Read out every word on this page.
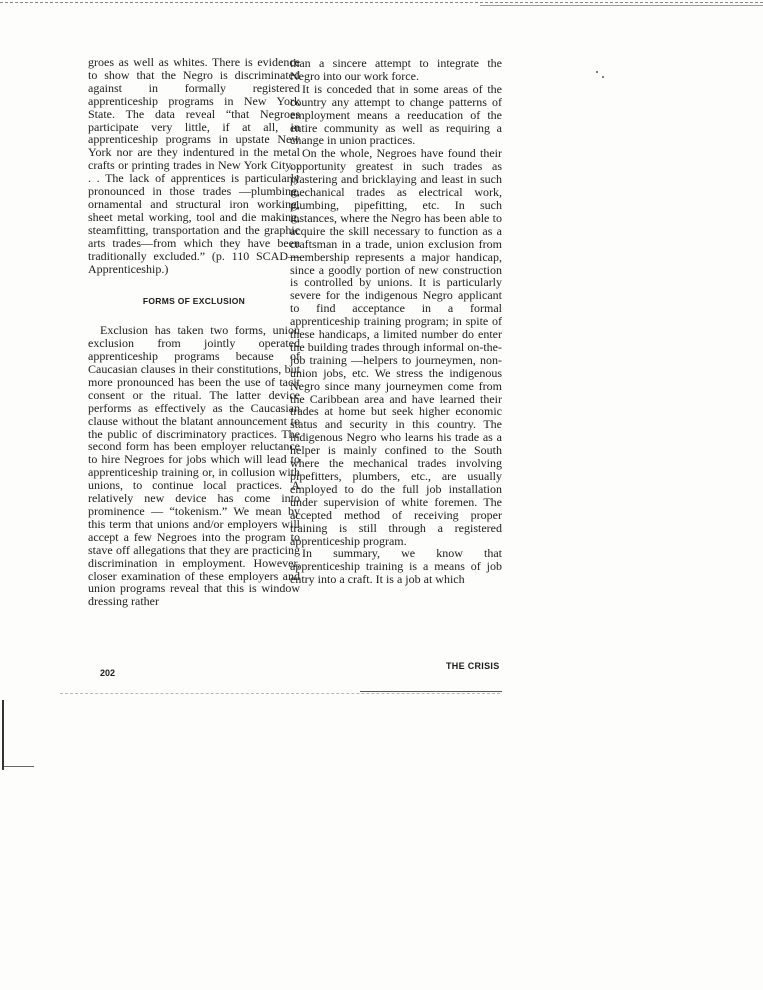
groes as well as whites. There is evidence to show that the Negro is discriminated against in formally registered apprenticeship programs in New York State. The data reveal “that Negroes participate very little, if at all, in apprenticeship programs in upstate New York nor are they indentured in the metal crafts or printing trades in New York City. . . . The lack of apprentices is particularly pronounced in those trades —plumbing, ornamental and structural iron working, sheet metal working, tool and die making, steamfitting, transportation and the graphic arts trades—from which they have been traditionally excluded.” (p. 110 SCAD—Apprenticeship.)

FORMS OF EXCLUSION

Exclusion has taken two forms, union exclusion from jointly operated apprenticeship programs because of Caucasian clauses in their constitutions, but more pronounced has been the use of tacit consent or the ritual. The latter device performs as effectively as the Caucasian clause without the blatant announcement to the public of discriminatory practices. The second form has been employer reluctance to hire Negroes for jobs which will lead to apprenticeship training or, in collusion with unions, to continue local practices. A relatively new device has come into prominence — “tokenism.” We mean by this term that unions and/or employers will accept a few Negroes into the program to stave off allegations that they are practicing discrimination in employment. However, closer examination of these employers and union programs reveal that this is window dressing rather

than a sincere attempt to integrate the Negro into our work force.

It is conceded that in some areas of the country any attempt to change patterns of employment means a reeducation of the entire community as well as requiring a change in union practices.

On the whole, Negroes have found their opportunity greatest in such trades as plastering and bricklaying and least in such mechanical trades as electrical work, plumbing, pipefitting, etc. In such instances, where the Negro has been able to acquire the skill necessary to function as a craftsman in a trade, union exclusion from membership represents a major handicap, since a goodly portion of new construction is controlled by unions. It is particularly severe for the indigenous Negro applicant to find acceptance in a formal apprenticeship training program; in spite of these handicaps, a limited number do enter the building trades through informal on-the-job training —helpers to journeymen, non-union jobs, etc. We stress the indigenous Negro since many journeymen come from the Caribbean area and have learned their trades at home but seek higher economic status and security in this country. The indigenous Negro who learns his trade as a helper is mainly confined to the South where the mechanical trades involving pipefitters, plumbers, etc., are usually employed to do the full job installation under supervision of white foremen. The accepted method of receiving proper training is still through a registered apprenticeship program.

In summary, we know that apprenticeship training is a means of job entry into a craft. It is a job at which

202
THE CRISIS
